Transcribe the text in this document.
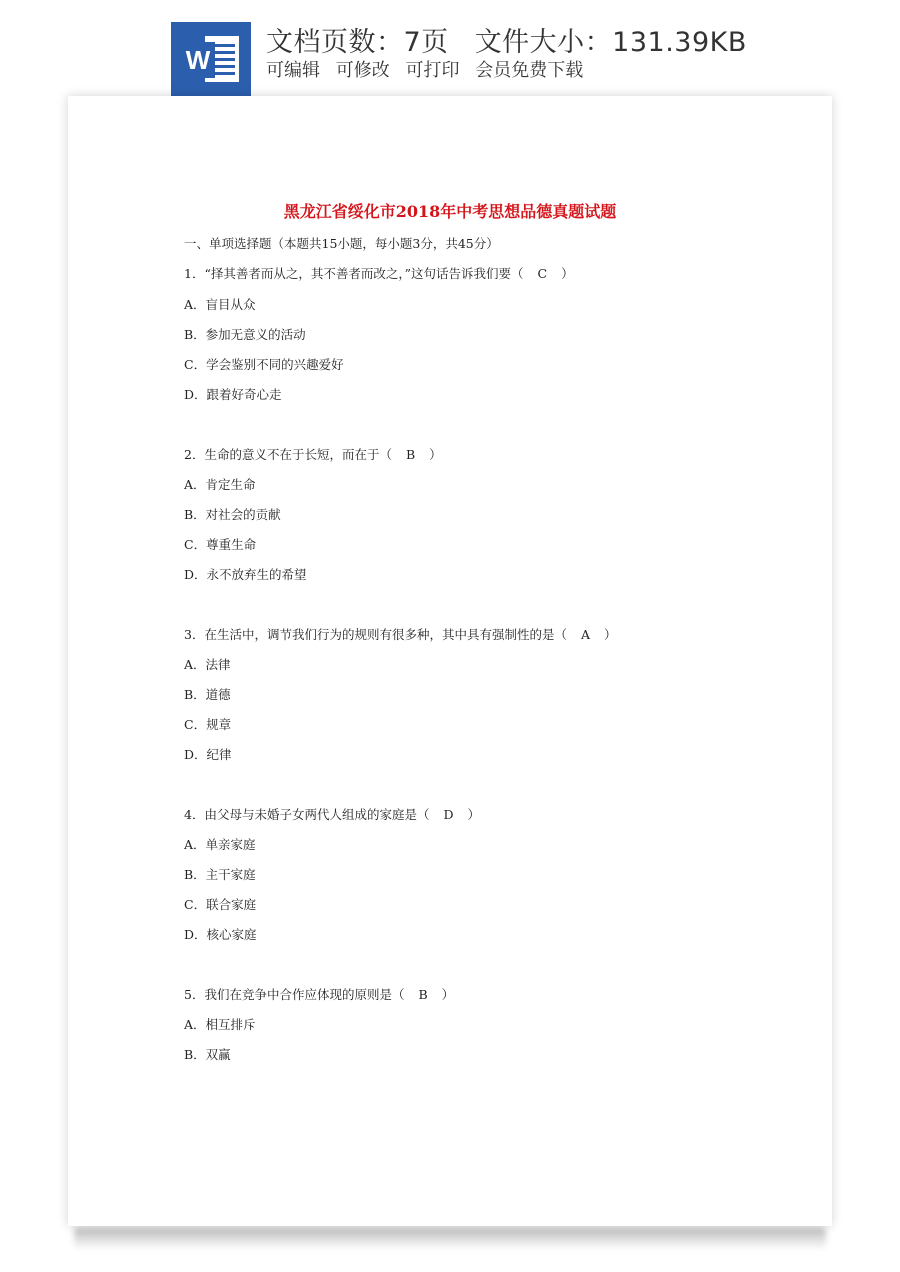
W
文档页数：7页 文件大小：131.39KB
可编辑 可修改 可打印 会员免费下载
黑龙江省绥化市2018年中考思想品德真题试题
一、单项选择题（本题共15小题，每小题3分，共45分）
1．“择其善者而从之，其不善者而改之，”这句话告诉我们要（ C ）
A．盲目从众
B．参加无意义的活动
C．学会鉴别不同的兴趣爱好
D．跟着好奇心走
2．生命的意义不在于长短，而在于（ B ）
A．肯定生命
B．对社会的贡献
C．尊重生命
D．永不放弃生的希望
3．在生活中，调节我们行为的规则有很多种，其中具有强制性的是（ A ）
A．法律
B．道德
C．规章
D．纪律
4．由父母与未婚子女两代人组成的家庭是（ D ）
A．单亲家庭
B．主干家庭
C．联合家庭
D．核心家庭
5．我们在竞争中合作应体现的原则是（ B ）
A．相互排斥
B．双赢
